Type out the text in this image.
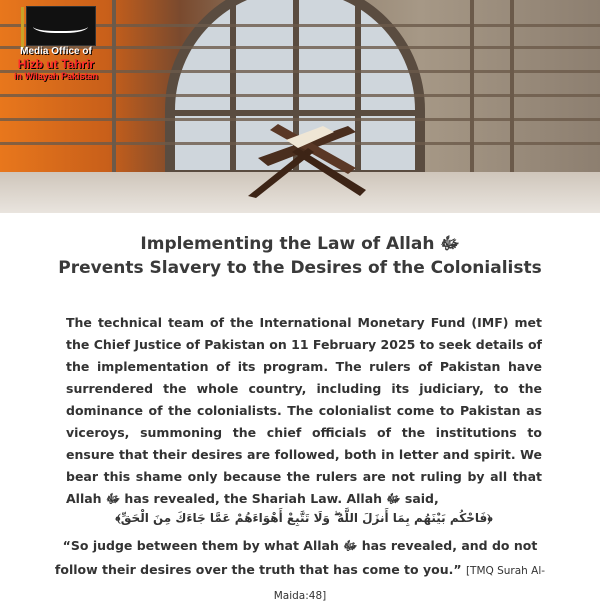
Media Office of
Hizb ut Tahrir
in Wilayah Pakistan
Implementing the Law of Allah ﷻ
Prevents Slavery to the Desires of the Colonialists
The technical team of the International Monetary Fund (IMF) met the Chief Justice of Pakistan on 11 February 2025 to seek details of the implementation of its program. The rulers of Pakistan have surrendered the whole country, including its judiciary, to the dominance of the colonialists. The colonialist come to Pakistan as viceroys, summoning the chief officials of the institutions to ensure that their desires are followed, both in letter and spirit. We bear this shame only because the rulers are not ruling by all that Allah ﷻ has revealed, the Shariah Law. Allah ﷻ said,
﴿فَاحْكُم بَيْنَهُم بِمَا أَنزَلَ اللَّهُ ۖ وَلَا تَتَّبِعْ أَهْوَاءَهُمْ عَمَّا جَاءَكَ مِنَ الْحَقِّ﴾
“So judge between them by what Allah ﷻ has revealed, and do not follow their desires over the truth that has come to you.” [TMQ Surah Al-Maida:48]
